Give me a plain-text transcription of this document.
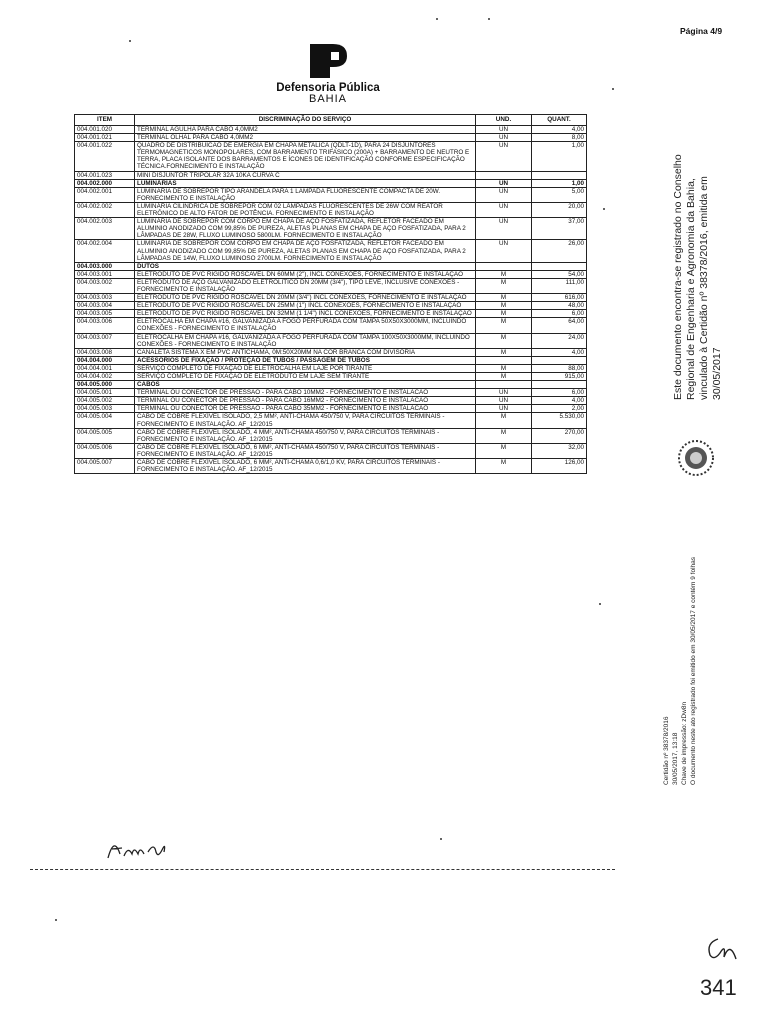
Página 4/9
Defensoria Pública
BAHIA
ITEM	DISCRIMINAÇÃO DO SERVIÇO	UND.	QUANT.
004.001.020	TERMINAL AGULHA PARA CABO 4,0MM2	UN	4,00
004.001.021	TERMINAL OLHAL PARA CABO 4,0MM2	UN	8,00
004.001.022	QUADRO DE DISTRIBUICAO DE EMERGIA EM CHAPA METALICA (QDLT-1D), PARA 24 DISJUNTORES TERMOMAGNETICOS MONOPOLARES, COM BARRAMENTO TRIFASICO (200A) + BARRAMENTO DE NEUTRO E TERRA, PLACA ISOLANTE DOS BARRAMENTOS E ÍCONES DE IDENTIFICAÇÃO CONFORME ESPECIFICAÇÃO TÉCNICA.FORNECIMENTO E INSTALAÇÃO	UN	1,00
004.001.023	MINI DISJUNTOR TRIPOLAR 32A 10KA CURVA C		
004.002.000	LUMINÁRIAS	UN	1,00
004.002.001	LUMINARIA DE SOBREPOR TIPO ARANDELA PARA 1 LAMPADA FLUORESCENTE COMPACTA DE 20W. FORNECIMENTO E INSTALAÇÃO	UN	5,00
004.002.002	LUMINÁRIA CILINDRICA DE SOBREPOR COM 02 LÂMPADAS FLUORESCENTES DE 26W COM REATOR ELETRÔNICO DE ALTO FATOR DE POTÊNCIA. FORNECIMENTO E INSTALAÇÃO	UN	20,00
004.002.003	LUMINÁRIA DE SOBREPOR COM CORPO EM CHAPA DE AÇO FOSFATIZADA, REFLETOR FACEADO EM ALUMINIO ANODIZADO COM 99,85% DE PUREZA, ALETAS PLANAS EM CHAPA DE AÇO FOSFATIZADA, PARA 2 LÂMPADAS DE 28W, FLUXO LUMINOSO 5800LM. FORNECIMENTO E INSTALAÇÃO	UN	37,00
004.002.004	LUMINÁRIA DE SOBREPOR COM CORPO EM CHAPA DE AÇO FOSFATIZADA, REFLETOR FACEADO EM ALUMINIO ANODIZADO COM 99,85% DE PUREZA, ALETAS PLANAS EM CHAPA DE AÇO FOSFATIZADA, PARA 2 LÂMPADAS DE 14W, FLUXO LUMINOSO 2700LM. FORNECIMENTO E INSTALAÇÃO	UN	26,00
004.003.000	DUTOS		
004.003.001	ELETRODUTO DE PVC RIGIDO ROSCAVEL DN 60MM (2"), INCL CONEXOES, FORNECIMENTO E INSTALAÇÃO	M	54,00
004.003.002	ELETRODUTO DE AÇO GALVANIZADO ELETROLITICO DN 20MM (3/4"), TIPO LEVE, INCLUSIVE CONEXÕES - FORNECIMENTO E INSTALAÇÃO	M	111,00
004.003.003	ELETRODUTO DE PVC RIGIDO ROSCAVEL DN 20MM (3/4") INCL CONEXÕES, FORNECIMENTO E INSTALAÇÃO	M	616,00
004.003.004	ELETRODUTO DE PVC RIGIDO ROSCAVEL DN 25MM (1") INCL CONEXÕES, FORNECIMENTO E INSTALAÇÃO	M	48,00
004.003.005	ELETRODUTO DE PVC RIGIDO ROSCAVEL DN 32MM (1 1/4") INCL CONEXÕES, FORNECIMENTO E INSTALAÇÃO	M	6,00
004.003.006	ELETROCALHA EM CHAPA #16, GALVANIZADA A FOGO PERFURADA COM TAMPA 50X50X3000MM, INCLUINDO CONEXÕES - FORNECIMENTO E INSTALAÇÃO	M	64,00
004.003.007	ELETROCALHA EM CHAPA #16, GALVANIZADA A FOGO PERFURADA COM TAMPA 100X50X3000MM, INCLUINDO CONEXÕES - FORNECIMENTO E INSTALAÇÃO	M	24,00
004.003.008	CANALETA SISTEMA X EM PVC ANTICHAMA, 0M:50X20MM NA COR BRANCA COM DIVISÓRIA	M	4,00
004.004.000	ACESSÓRIOS DE FIXAÇÃO / PROTEÇÃO DE TUBOS / PASSAGEM DE TUBOS		
004.004.001	SERVIÇO COMPLETO DE FIXAÇÃO DE ELETROCALHA EM LAJE POR TIRANTE	M	88,00
004.004.002	SERVIÇO COMPLETO DE FIXAÇÃO DE ELETRODUTO EM LAJE SEM TIRANTE	M	915,00
004.005.000	CABOS		
004.005.001	TERMINAL OU CONECTOR DE PRESSAO - PARA CABO 10MM2 - FORNECIMENTO E INSTALACAO	UN	6,00
004.005.002	TERMINAL OU CONECTOR DE PRESSAO - PARA CABO 16MM2 - FORNECIMENTO E INSTALACAO	UN	4,00
004.005.003	TERMINAL OU CONECTOR DE PRESSAO - PARA CABO 35MM2 - FORNECIMENTO E INSTALACAO	UN	2,00
004.005.004	CABO DE COBRE FLEXÍVEL ISOLADO, 2,5 MM², ANTI-CHAMA 450/750 V, PARA CIRCUITOS TERMINAIS - FORNECIMENTO E INSTALAÇÃO. AF_12/2015	M	5.530,00
004.005.005	CABO DE COBRE FLEXÍVEL ISOLADO, 4 MM², ANTI-CHAMA 450/750 V, PARA CIRCUITOS TERMINAIS - FORNECIMENTO E INSTALAÇÃO. AF_12/2015	M	270,00
004.005.006	CABO DE COBRE FLEXÍVEL ISOLADO, 6 MM², ANTI-CHAMA 450/750 V, PARA CIRCUITOS TERMINAIS - FORNECIMENTO E INSTALAÇÃO. AF_12/2015	M	32,00
004.005.007	CABO DE COBRE FLEXÍVEL ISOLADO, 6 MM², ANTI-CHAMA 0,6/1,0 KV, PARA CIRCUITOS TERMINAIS - FORNECIMENTO E INSTALAÇÃO. AF_12/2015	M	126,00
Este documento encontra-se registrado no Conselho Regional de Engenharia e Agronomia da Bahia, vinculado à Certidão nº 38378/2016, emitida em 30/05/2017
Certidão nº 38378/2016 30/05/2017, 13:18 Chave de impressão: zDw8n O documento neste ato registrado foi emitido em 30/05/2017 e contém 9 folhas
341
